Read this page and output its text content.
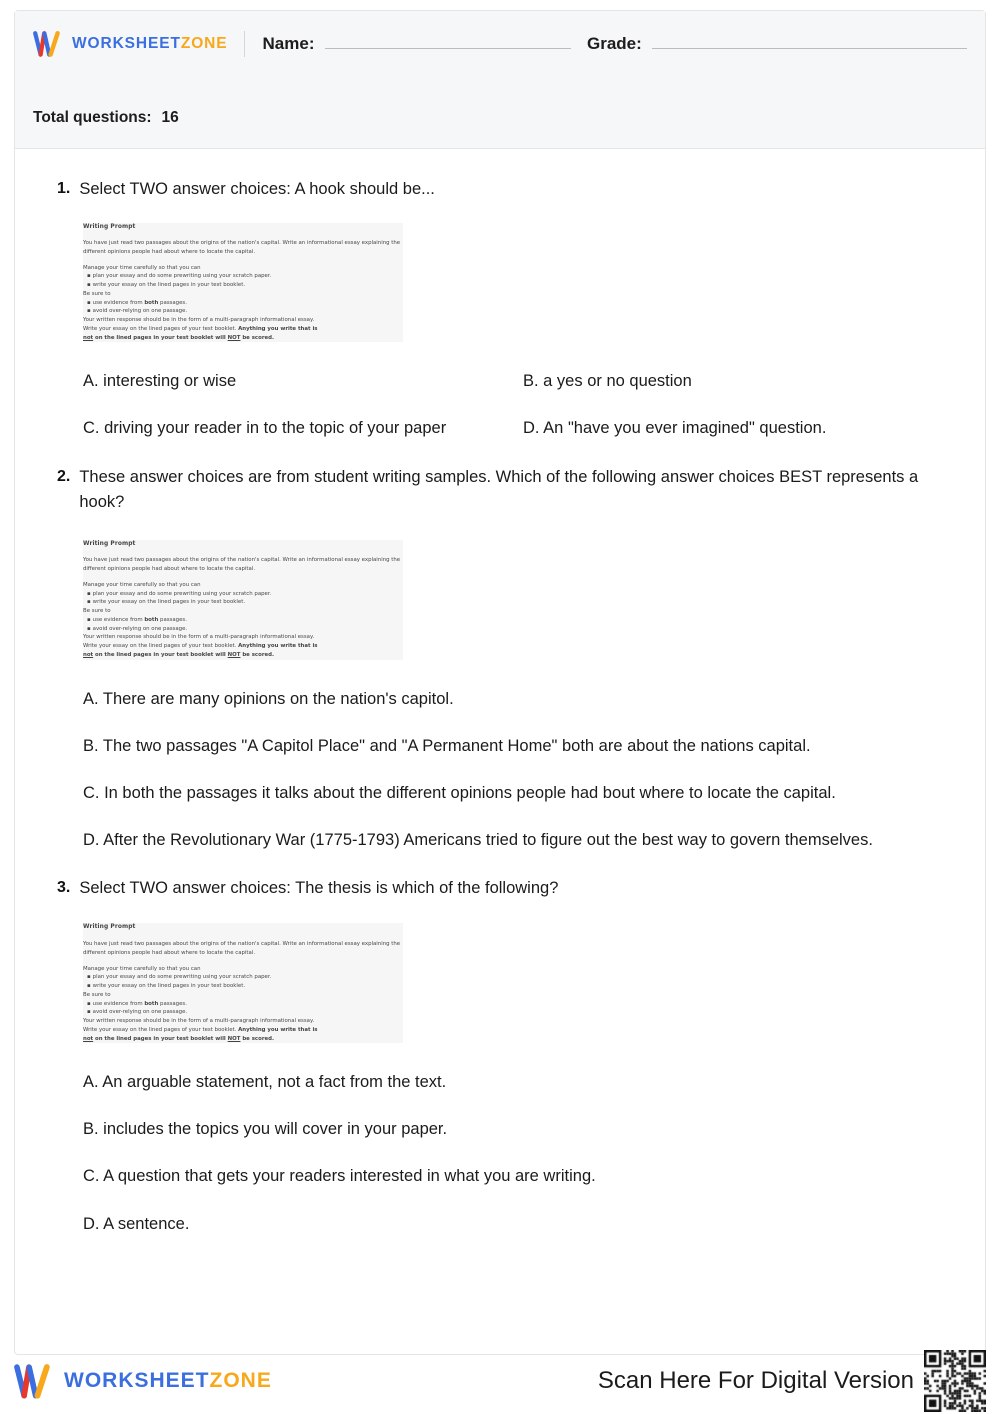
WORKSHEETZONE Name:	Grade:
Total questions: 16
1. Select TWO answer choices: A hook should be...
Writing Prompt

You have just read two passages about the origins of the nation's capital. Write an informational essay explaining the different opinions people had about where to locate the capital.

Manage your time carefully so that you can

▪ plan your essay and do some prewriting using your scratch paper.
▪ write your essay on the lined pages in your test booklet.
Be sure to
▪ use evidence from both passages.
▪ avoid over-relying on one passage.
Your written response should be in the form of a multi-paragraph informational essay.
Write your essay on the lined pages of your test booklet. Anything you write that is
not on the lined pages in your test booklet will NOT be scored.
A. interesting or wise	B. a yes or no question
C. driving your reader in to the topic of your paper	D. An "have you ever imagined" question.
2. These answer choices are from student writing samples. Which of the following answer choices BEST represents a hook?
Writing Prompt

You have just read two passages about the origins of the nation's capital. Write an informational essay explaining the different opinions people had about where to locate the capital.

Manage your time carefully so that you can

▪ plan your essay and do some prewriting using your scratch paper.
▪ write your essay on the lined pages in your test booklet.
Be sure to
▪ use evidence from both passages.
▪ avoid over-relying on one passage.
Your written response should be in the form of a multi-paragraph informational essay.
Write your essay on the lined pages of your test booklet. Anything you write that is
not on the lined pages in your test booklet will NOT be scored.
A. There are many opinions on the nation's capitol.
B. The two passages "A Capitol Place" and "A Permanent Home" both are about the nations capital.
C. In both the passages it talks about the different opinions people had bout where to locate the capital.
D. After the Revolutionary War (1775-1793) Americans tried to figure out the best way to govern themselves.
3. Select TWO answer choices: The thesis is which of the following?
Writing Prompt

You have just read two passages about the origins of the nation's capital. Write an informational essay explaining the different opinions people had about where to locate the capital.

Manage your time carefully so that you can

▪ plan your essay and do some prewriting using your scratch paper.
▪ write your essay on the lined pages in your test booklet.
Be sure to
▪ use evidence from both passages.
▪ avoid over-relying on one passage.
Your written response should be in the form of a multi-paragraph informational essay.
Write your essay on the lined pages of your test booklet. Anything you write that is
not on the lined pages in your test booklet will NOT be scored.
A. An arguable statement, not a fact from the text.
B. includes the topics you will cover in your paper.
C. A question that gets your readers interested in what you are writing.
D. A sentence.
WORKSHEETZONE	Scan Here For Digital Version
